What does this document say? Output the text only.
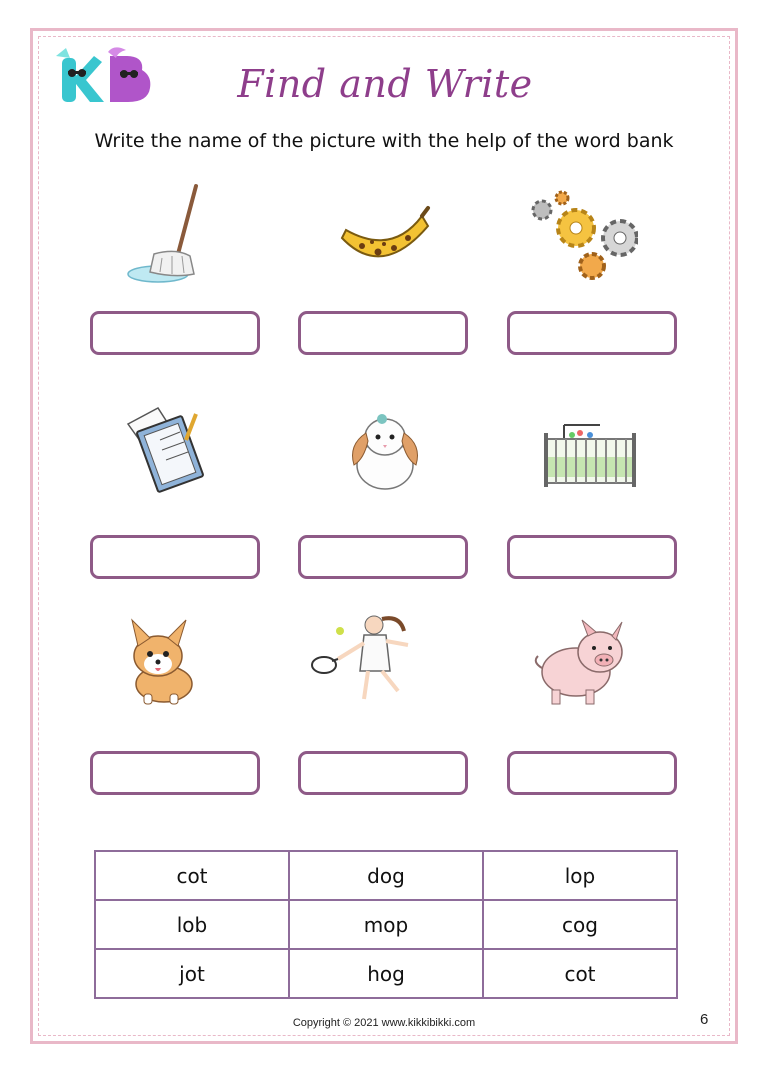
Find and Write
Write the name of the picture with the help of the word bank
cot	dog	lop
lob	mop	cog
jot	hog	cot
Copyright © 2021 www.kikkibikki.com	6
